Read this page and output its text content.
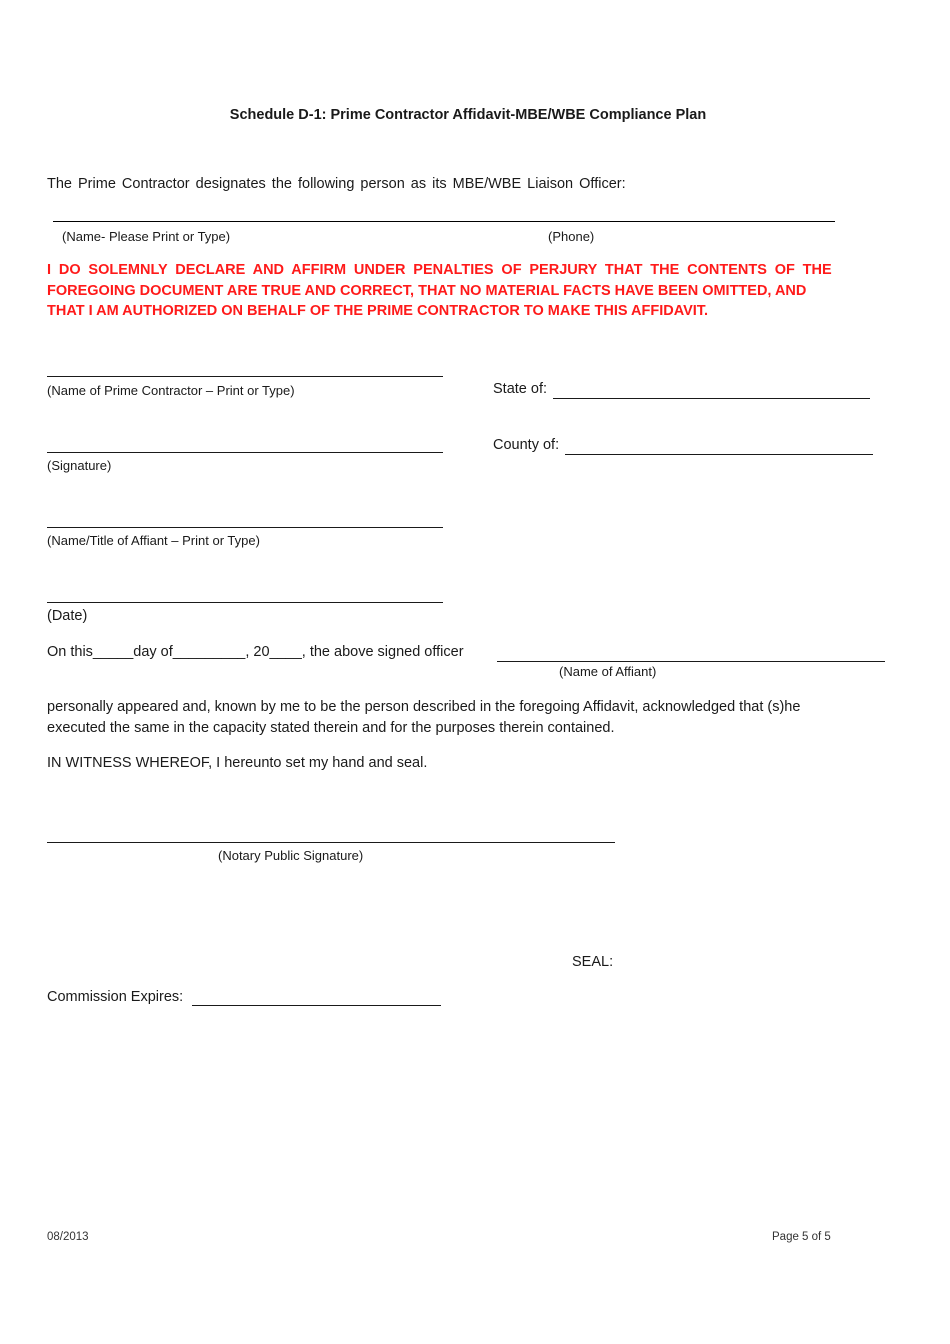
Schedule D-1: Prime Contractor Affidavit-MBE/WBE Compliance Plan
The Prime Contractor designates the following person as its MBE/WBE Liaison Officer:
(Name- Please Print or Type)	(Phone)
I DO SOLEMNLY DECLARE AND AFFIRM UNDER PENALTIES OF PERJURY THAT THE CONTENTS OF THE
FOREGOING DOCUMENT ARE TRUE AND CORRECT, THAT NO MATERIAL FACTS HAVE BEEN OMITTED, AND
THAT I AM AUTHORIZED ON BEHALF OF THE PRIME CONTRACTOR TO MAKE THIS AFFIDAVIT.
(Name of Prime Contractor – Print or Type)
(Signature)
(Name/Title of Affiant – Print or Type)
(Date)
State of:
County of:
On this_____day of_________, 20____, the above signed officer
(Name of Affiant)
personally appeared and, known by me to be the person described in the foregoing Affidavit, acknowledged that (s)he
executed the same in the capacity stated therein and for the purposes therein contained.
IN WITNESS WHEREOF, I hereunto set my hand and seal.
(Notary Public Signature)
SEAL:
Commission Expires:
08/2013	Page 5 of 5
